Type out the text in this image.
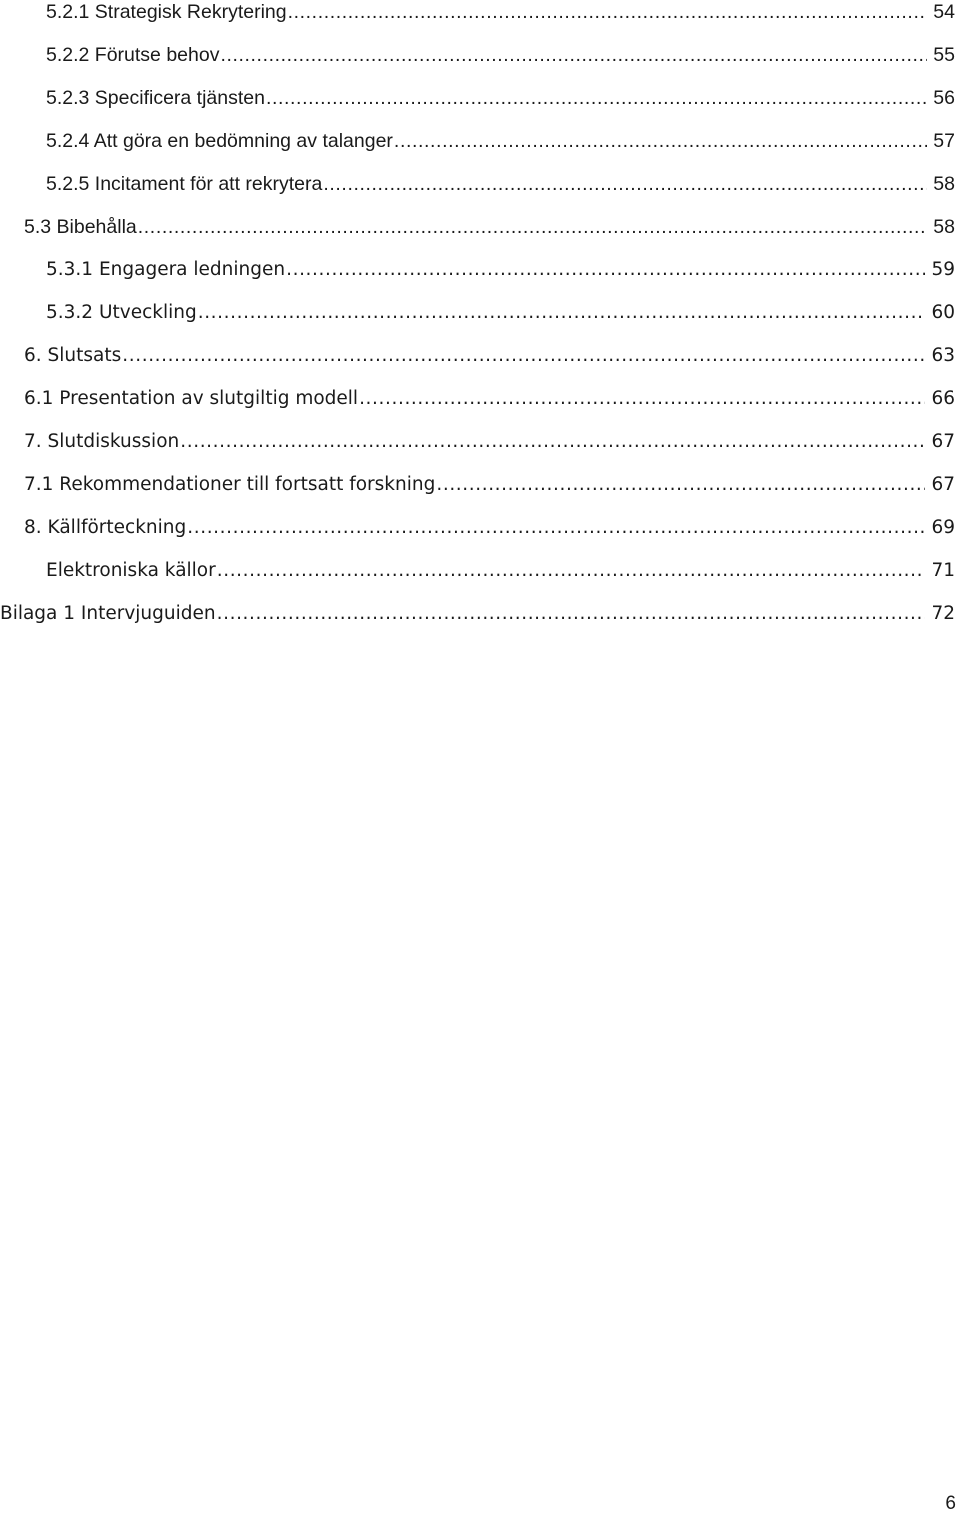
5.2.1 Strategisk Rekrytering .....	54
5.2.2 Förutse behov .....	55
5.2.3 Specificera tjänsten .....	56
5.2.4 Att göra en bedömning av talanger .....	57
5.2.5 Incitament för att rekrytera .....	58
5.3 Bibehålla .....	58
5.3.1 Engagera ledningen .....	59
5.3.2 Utveckling .....	60
6. Slutsats .....	63
6.1 Presentation av slutgiltig modell .....	66
7. Slutdiskussion .....	67
7.1 Rekommendationer till fortsatt forskning .....	67
8. Källförteckning .....	69
Elektroniska källor .....	71
Bilaga 1 Intervjuguiden .....	72
6
